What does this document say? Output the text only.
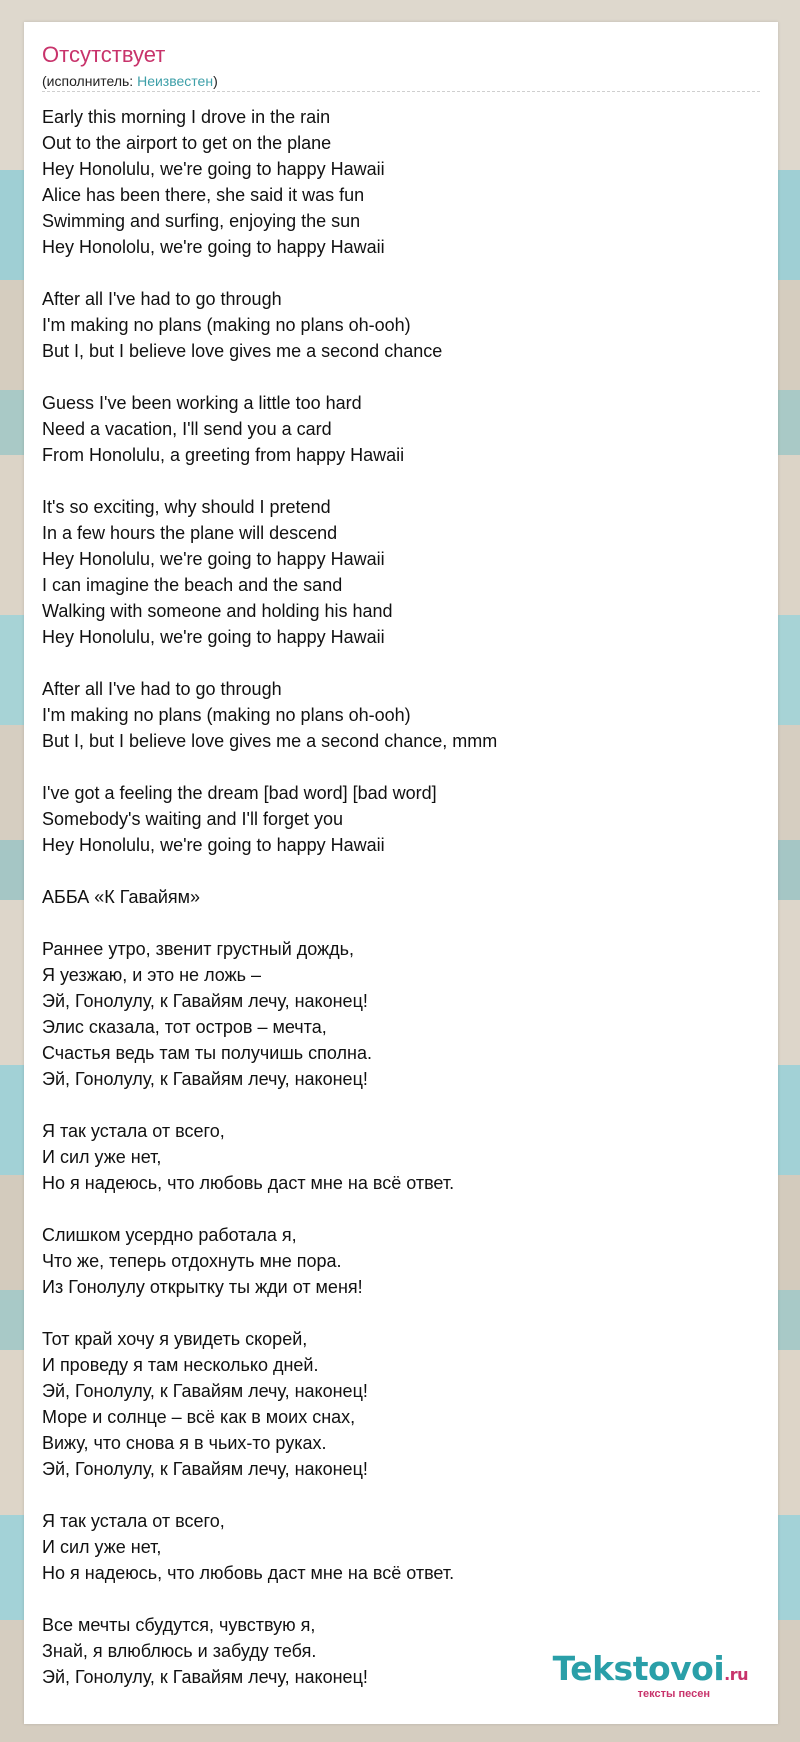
Отсутствует
(исполнитель: Неизвестен)
Early this morning I drove in the rain
Out to the airport to get on the plane
Hey Honolulu, we're going to happy Hawaii
Alice has been there, she said it was fun
Swimming and surfing, enjoying the sun
Hey Honololu, we're going to happy Hawaii
After all I've had to go through
I'm making no plans (making no plans oh-ooh)
But I, but I believe love gives me a second chance
Guess I've been working a little too hard
Need a vacation, I'll send you a card
From Honolulu, a greeting from happy Hawaii
It's so exciting, why should I pretend
In a few hours the plane will descend
Hey Honolulu, we're going to happy Hawaii
I can imagine the beach and the sand
Walking with someone and holding his hand
Hey Honolulu, we're going to happy Hawaii
After all I've had to go through
I'm making no plans (making no plans oh-ooh)
But I, but I believe love gives me a second chance, mmm
I've got a feeling the dream [bad word] [bad word]
Somebody's waiting and I'll forget you
Hey Honolulu, we're going to happy Hawaii
АББА «К Гавайям»
Раннее утро, звенит грустный дождь,
Я уезжаю, и это не ложь –
Эй, Гонолулу, к Гавайям лечу, наконец!
Элис сказала, тот остров – мечта,
Счастья ведь там ты получишь сполна.
Эй, Гонолулу, к Гавайям лечу, наконец!
Я так устала от всего,
И сил уже нет,
Но я надеюсь, что любовь даст мне на всё ответ.
Слишком усердно работала я,
Что же, теперь отдохнуть мне пора.
Из Гонолулу открытку ты жди от меня!
Тот край хочу я увидеть скорей,
И проведу я там несколько дней.
Эй, Гонолулу, к Гавайям лечу, наконец!
Море и солнце – всё как в моих снах,
Вижу, что снова я в чьих-то руках.
Эй, Гонолулу, к Гавайям лечу, наконец!
Я так устала от всего,
И сил уже нет,
Но я надеюсь, что любовь даст мне на всё ответ.
Все мечты сбудутся, чувствую я,
Знай, я влюблюсь и забуду тебя.
Эй, Гонолулу, к Гавайям лечу, наконец!	Tekstovoi.ru
тексты песен
